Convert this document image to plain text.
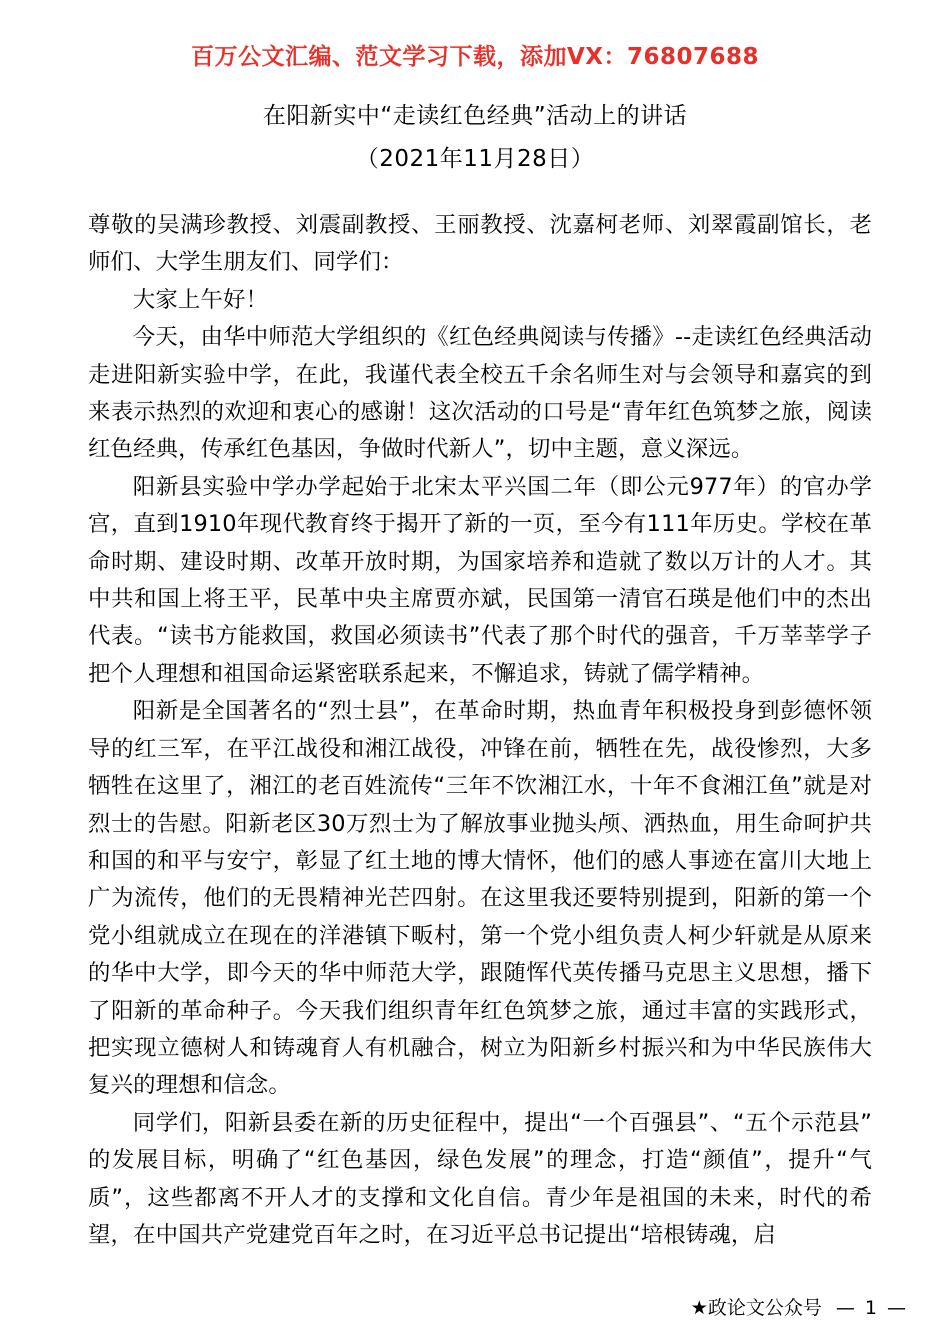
百万公文汇编、范文学习下载，添加VX：76807688
在阳新实中“走读红色经典”活动上的讲话
（2021年11月28日）

尊敬的吴满珍教授、刘震副教授、王丽教授、沈嘉柯老师、刘翠霞副馆长，老师们、大学生朋友们、同学们：

大家上午好！

今天，由华中师范大学组织的《红色经典阅读与传播》--走读红色经典活动走进阳新实验中学，在此，我谨代表全校五千余名师生对与会领导和嘉宾的到来表示热烈的欢迎和衷心的感谢！这次活动的口号是“青年红色筑梦之旅，阅读红色经典，传承红色基因，争做时代新人”，切中主题，意义深远。

阳新县实验中学办学起始于北宋太平兴国二年（即公元977年）的官办学宫，直到1910年现代教育终于揭开了新的一页，至今有111年历史。学校在革命时期、建设时期、改革开放时期，为国家培养和造就了数以万计的人才。其中共和国上将王平，民革中央主席贾亦斌，民国第一清官石瑛是他们中的杰出代表。“读书方能救国，救国必须读书”代表了那个时代的强音，千万莘莘学子把个人理想和祖国命运紧密联系起来，不懈追求，铸就了儒学精神。

阳新是全国著名的“烈士县”，在革命时期，热血青年积极投身到彭德怀领导的红三军，在平江战役和湘江战役，冲锋在前，牺牲在先，战役惨烈，大多牺牲在这里了，湘江的老百姓流传“三年不饮湘江水，十年不食湘江鱼”就是对烈士的告慰。阳新老区30万烈士为了解放事业抛头颅、洒热血，用生命呵护共和国的和平与安宁，彰显了红土地的博大情怀，他们的感人事迹在富川大地上广为流传，他们的无畏精神光芒四射。在这里我还要特别提到，阳新的第一个党小组就成立在现在的洋港镇下畈村，第一个党小组负责人柯少轩就是从原来的华中大学，即今天的华中师范大学，跟随恽代英传播马克思主义思想，播下了阳新的革命种子。今天我们组织青年红色筑梦之旅，通过丰富的实践形式，把实现立德树人和铸魂育人有机融合，树立为阳新乡村振兴和为中华民族伟大复兴的理想和信念。

同学们，阳新县委在新的历史征程中，提出“一个百强县”、“五个示范县”的发展目标，明确了“红色基因，绿色发展”的理念，打造“颜值”，提升“气质”，这些都离不开人才的支撑和文化自信。青少年是祖国的未来，时代的希望，在中国共产党建党百年之时，在习近平总书记提出“培根铸魂，启

★政论文公众号 — 1 —
